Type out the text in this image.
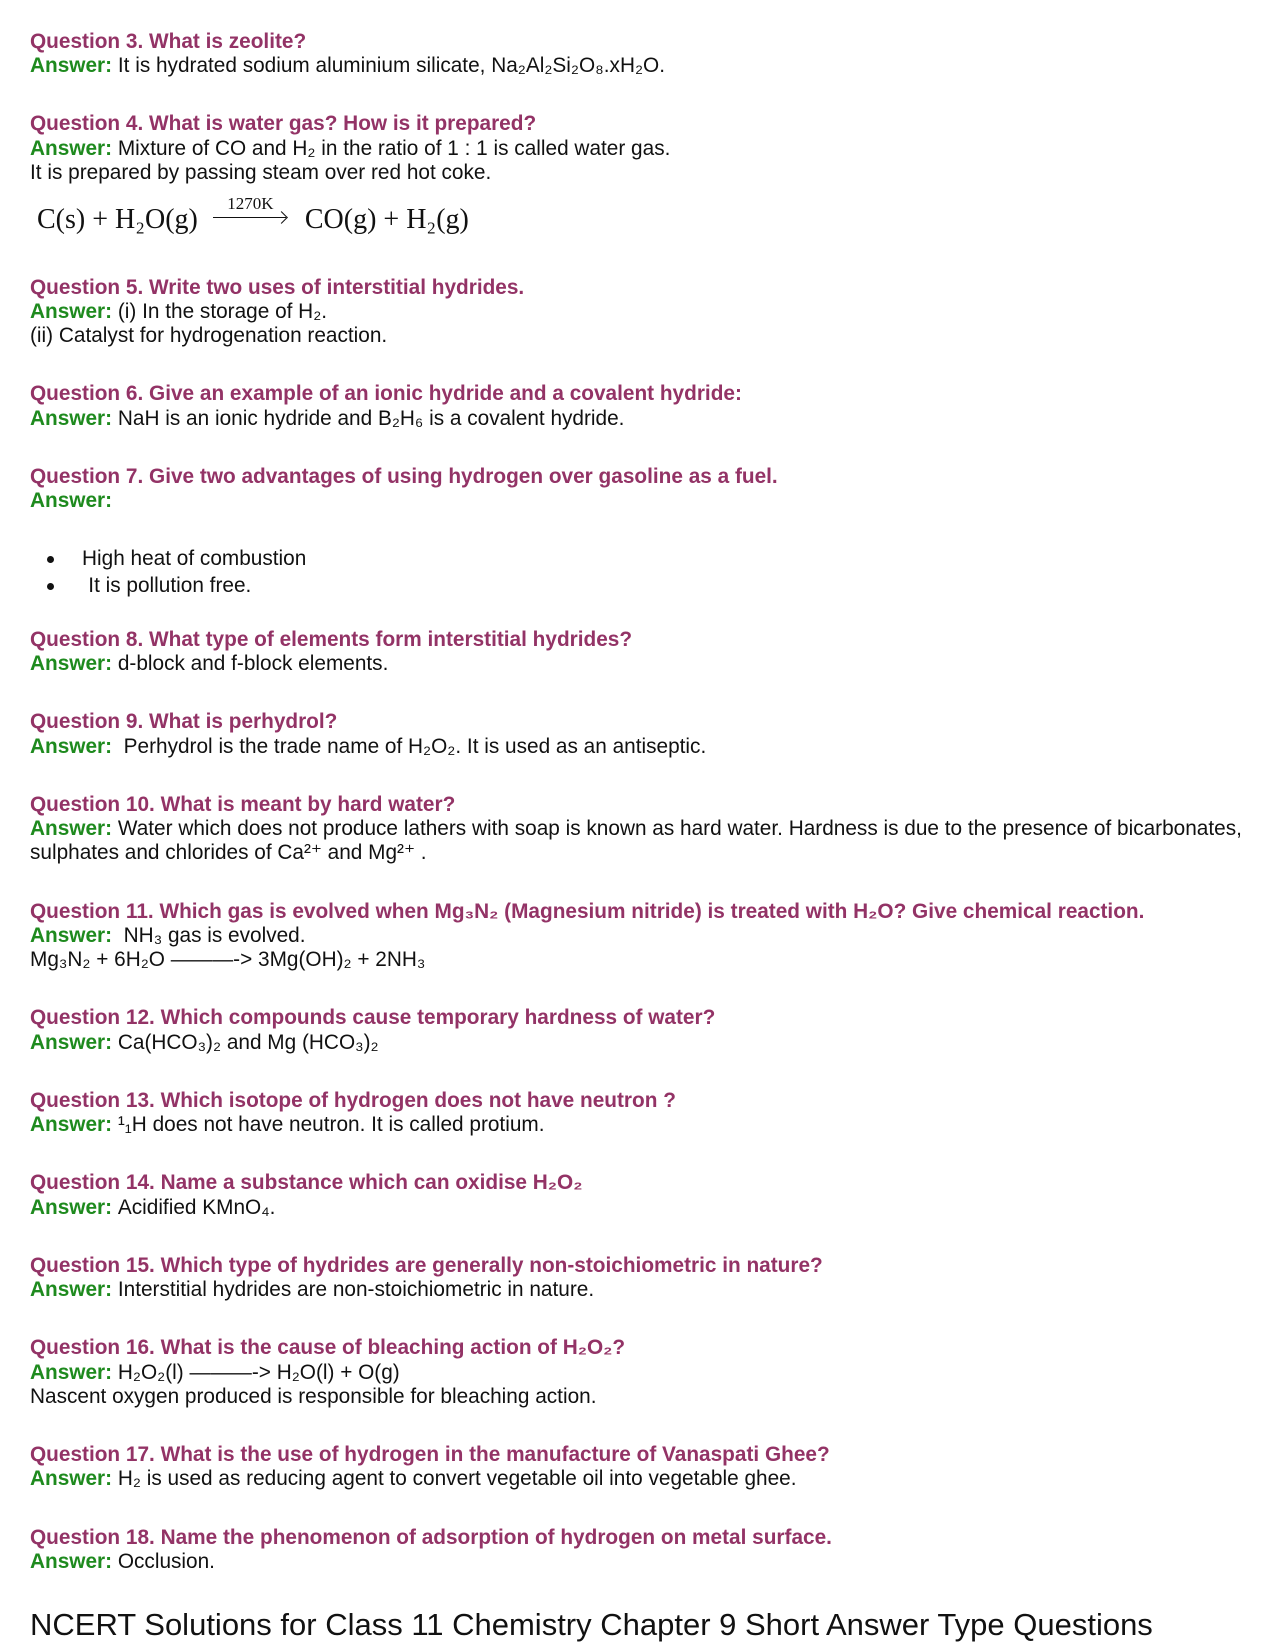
Question 3. What is zeolite?
Answer: It is hydrated sodium aluminium silicate, Na₂Al₂Si₂O₈.xH₂O.
Question 4. What is water gas? How is it prepared?
Answer: Mixture of CO and H₂ in the ratio of 1 : 1 is called water gas.
It is prepared by passing steam over red hot coke.
C(s) + H₂O(g)
1270K
CO(g) + H₂(g)
Question 5. Write two uses of interstitial hydrides.
Answer: (i) In the storage of H₂.
(ii) Catalyst for hydrogenation reaction.
Question 6. Give an example of an ionic hydride and a covalent hydride:
Answer: NaH is an ionic hydride and B₂H₆ is a covalent hydride.
Question 7. Give two advantages of using hydrogen over gasoline as a fuel.
Answer:
High heat of combustion
It is pollution free.
Question 8. What type of elements form interstitial hydrides?
Answer: d-block and f-block elements.
Question 9. What is perhydrol?
Answer: Perhydrol is the trade name of H₂O₂. It is used as an antiseptic.
Question 10. What is meant by hard water?
Answer: Water which does not produce lathers with soap is known as hard water. Hardness is due to the presence of bicarbonates, sulphates and chlorides of Ca²⁺ and Mg²⁺ .
Question 11. Which gas is evolved when Mg₃N₂ (Magnesium nitride) is treated with H₂O? Give chemical reaction.
Answer: NH₃ gas is evolved.
Mg₃N₂ + 6H₂O ———-> 3Mg(OH)₂ + 2NH₃
Question 12. Which compounds cause temporary hardness of water?
Answer: Ca(HCO₃)₂ and Mg (HCO₃)₂
Question 13. Which isotope of hydrogen does not have neutron ?
Answer: ¹₁H does not have neutron. It is called protium.
Question 14. Name a substance which can oxidise H₂O₂
Answer: Acidified KMnO₄.
Question 15. Which type of hydrides are generally non-stoichiometric in nature?
Answer: Interstitial hydrides are non-stoichiometric in nature.
Question 16. What is the cause of bleaching action of H₂O₂?
Answer: H₂O₂(l) ———-> H₂O(l) + O(g)
Nascent oxygen produced is responsible for bleaching action.
Question 17. What is the use of hydrogen in the manufacture of Vanaspati Ghee?
Answer: H₂ is used as reducing agent to convert vegetable oil into vegetable ghee.
Question 18. Name the phenomenon of adsorption of hydrogen on metal surface.
Answer: Occlusion.
NCERT Solutions for Class 11 Chemistry Chapter 9 Short Answer Type Questions
